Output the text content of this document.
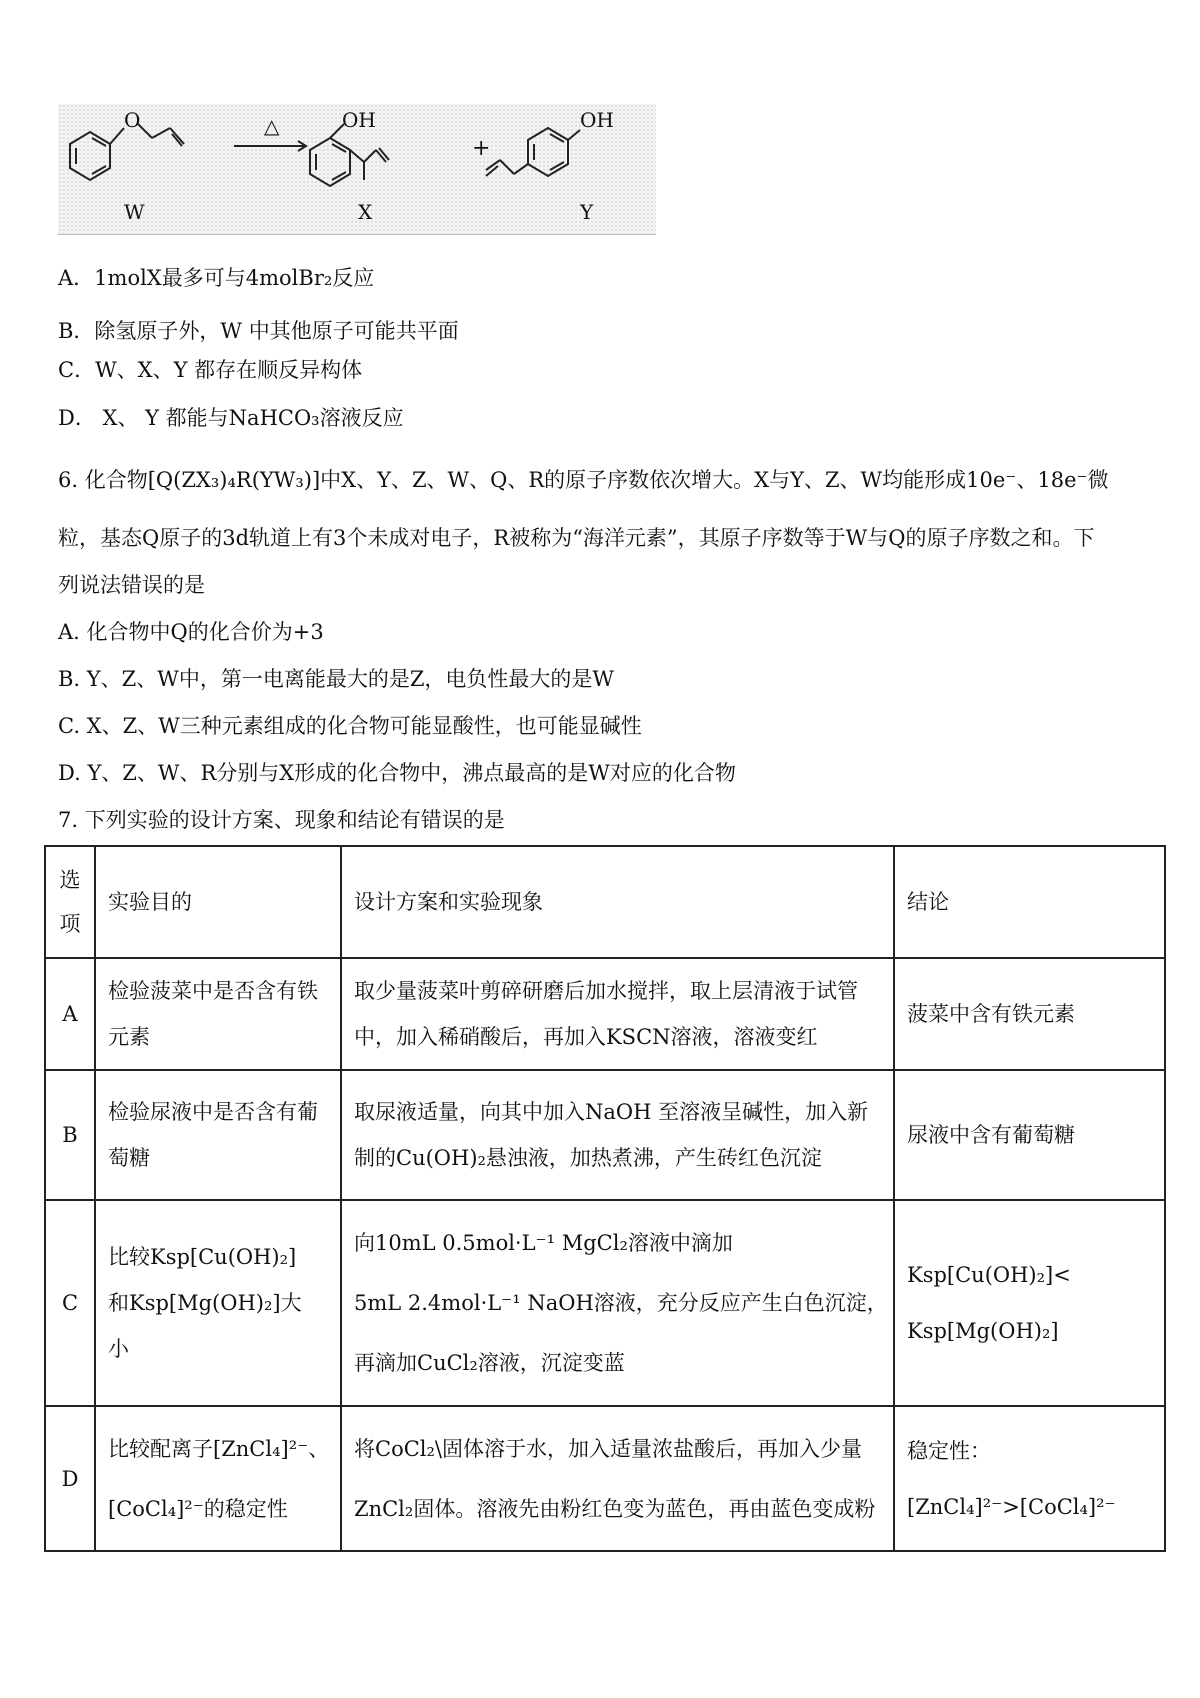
O	△	OH
+
OH
W	X	Y
A．1molX最多可与4molBr₂反应
B．除氢原子外，W 中其他原子可能共平面
C．W、X、Y 都存在顺反异构体
D． X、 Y 都能与NaHCO₃溶液反应
6. 化合物[Q(ZX₃)₄R(YW₃)]中X、Y、Z、W、Q、R的原子序数依次增大。X与Y、Z、W均能形成10e⁻、18e⁻微
粒，基态Q原子的3d轨道上有3个未成对电子，R被称为“海洋元素”，其原子序数等于W与Q的原子序数之和。下
列说法错误的是
A. 化合物中Q的化合价为+3
B. Y、Z、W中，第一电离能最大的是Z，电负性最大的是W
C. X、Z、W三种元素组成的化合物可能显酸性，也可能显碱性
D. Y、Z、W、R分别与X形成的化合物中，沸点最高的是W对应的化合物
7. 下列实验的设计方案、现象和结论有错误的是
选
项	实验目的	设计方案和实验现象	结论
A	检验菠菜中是否含有铁
元素	取少量菠菜叶剪碎研磨后加水搅拌，取上层清液于试管
中，加入稀硝酸后，再加入KSCN溶液，溶液变红	菠菜中含有铁元素

B	检验尿液中是否含有葡
萄糖	取尿液适量，向其中加入NaOH 至溶液呈碱性，加入新
制的Cu(OH)₂悬浊液，加热煮沸，产生砖红色沉淀	尿液中含有葡萄糖

C	比较Ksp[Cu(OH)₂]
和Ksp[Mg(OH)₂]大
小	向10mL 0.5mol·L⁻¹ MgCl₂溶液中滴加
5mL 2.4mol·L⁻¹ NaOH溶液，充分反应产生白色沉淀，
再滴加CuCl₂溶液，沉淀变蓝	Ksp[Cu(OH)₂]<
Ksp[Mg(OH)₂]

D	比较配离子[ZnCl₄]²⁻、
[CoCl₄]²⁻的稳定性	将CoCl₂\固体溶于水，加入适量浓盐酸后，再加入少量
ZnCl₂固体。溶液先由粉红色变为蓝色，再由蓝色变成粉	稳定性：
[ZnCl₄]²⁻>[CoCl₄]²⁻
